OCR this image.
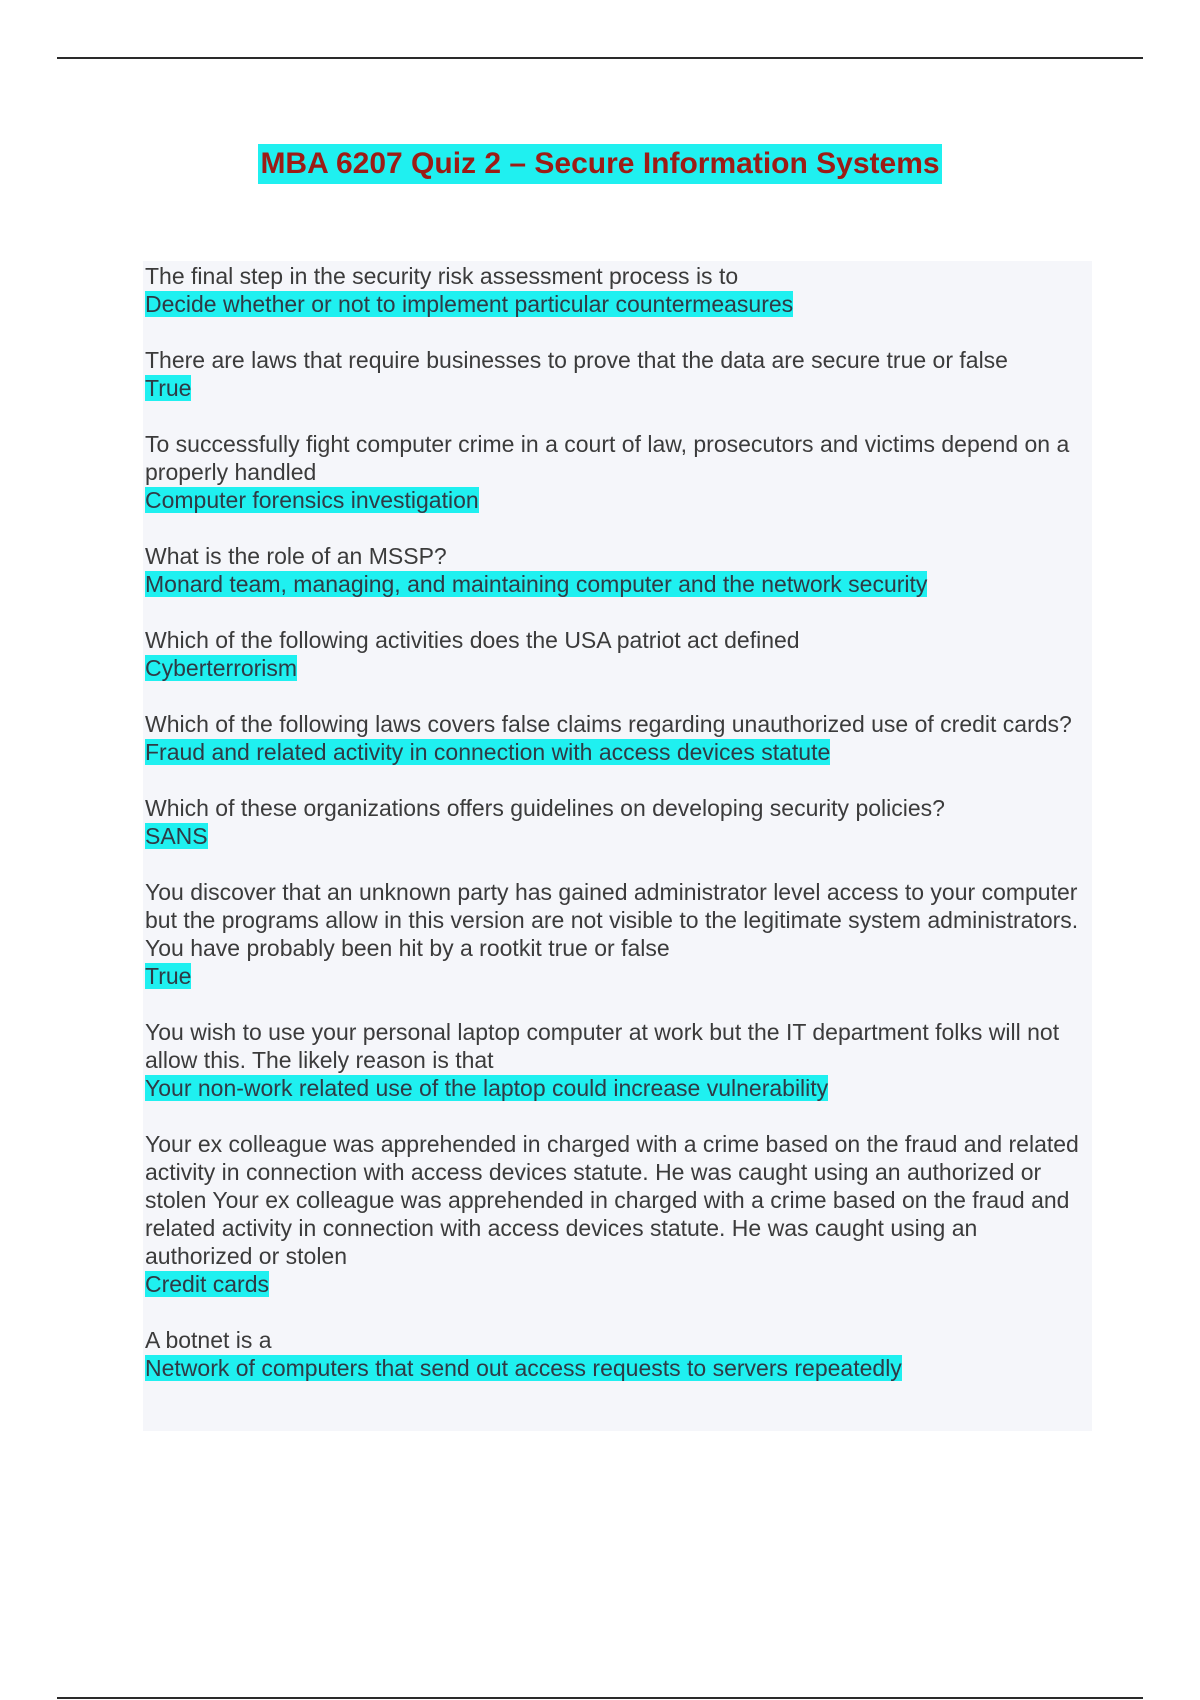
MBA 6207 Quiz 2 – Secure Information Systems
The final step in the security risk assessment process is to
Decide whether or not to implement particular countermeasures
There are laws that require businesses to prove that the data are secure true or false
True
To successfully fight computer crime in a court of law, prosecutors and victims depend on a properly handled
Computer forensics investigation
What is the role of an MSSP?
Monard team, managing, and maintaining computer and the network security
Which of the following activities does the USA patriot act defined
Cyberterrorism
Which of the following laws covers false claims regarding unauthorized use of credit cards?
Fraud and related activity in connection with access devices statute
Which of these organizations offers guidelines on developing security policies?
SANS
You discover that an unknown party has gained administrator level access to your computer but the programs allow in this version are not visible to the legitimate system administrators. You have probably been hit by a rootkit true or false
True
You wish to use your personal laptop computer at work but the IT department folks will not allow this. The likely reason is that
Your non-work related use of the laptop could increase vulnerability
Your ex colleague was apprehended in charged with a crime based on the fraud and related activity in connection with access devices statute. He was caught using an authorized or stolen Your ex colleague was apprehended in charged with a crime based on the fraud and related activity in connection with access devices statute. He was caught using an authorized or stolen
Credit cards
A botnet is a
Network of computers that send out access requests to servers repeatedly
